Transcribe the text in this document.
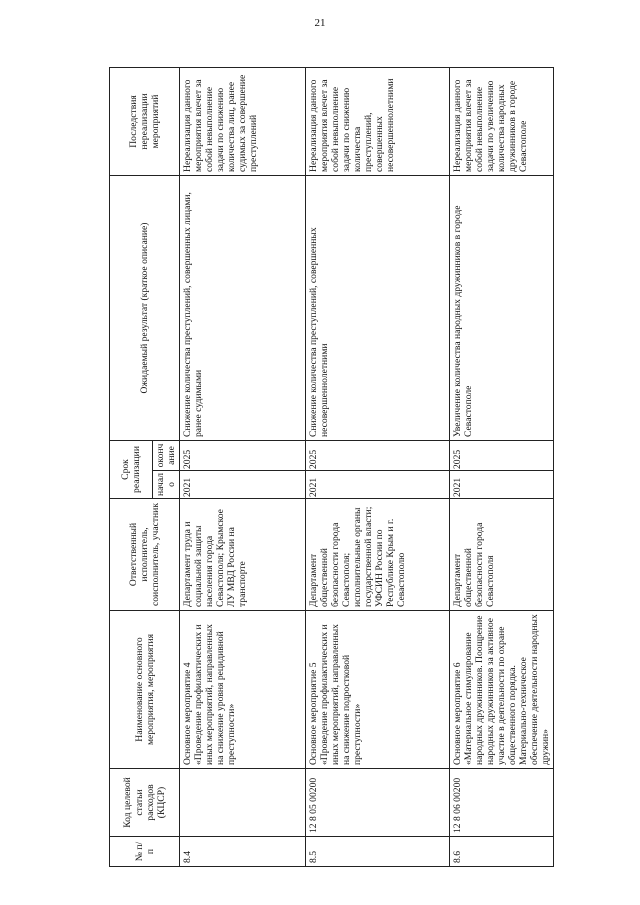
21
№ п/п	Код целевой статьи расходов (КЦСР)	Наименование основного мероприятия, мероприятия	Ответственный исполнитель, соисполнитель, участник	Срок реализации		Ожидаемый результат (краткое описание)	Последствия нереализации мероприятий
				начало	окончание		
8.4		Основное мероприятие 4 «Проведение профилактических и иных мероприятий, направленных на снижение уровня рецидивной преступности»	Департамент труда и социальной защиты населения города Севастополя; Крымское ЛУ МВД России на транспорте	2021	2025	Снижение количества преступлений, совершенных лицами, ранее судимыми	Нереализация данного мероприятия влечет за собой невыполнение задачи по снижению количества лиц, ранее судимых за совершение преступлений
8.5	12 8 05 00200	Основное мероприятие 5 «Проведение профилактических и иных мероприятий, направленных на снижение подростковой преступности»	Департамент общественной безопасности города Севастополя; исполнительные органы государственной власти; УФСИН России по Республике Крым и г. Севастополю	2021	2025	Снижение количества преступлений, совершенных несовершеннолетними	Нереализация данного мероприятия влечет за собой невыполнение задачи по снижению количества преступлений, совершенных несовершеннолетними
8.6	12 8 06 00200	Основное мероприятие 6 «Материальное стимулирование народных дружинников. Поощрение народных дружинников за активное участие в деятельности по охране общественного порядка. Материально-техническое обеспечение деятельности народных дружин»	Департамент общественной безопасности города Севастополя	2021	2025	Увеличение количества народных дружинников в городе Севастополе	Нереализация данного мероприятия влечет за собой невыполнение задачи по увеличению количества народных дружинников в городе Севастополе
